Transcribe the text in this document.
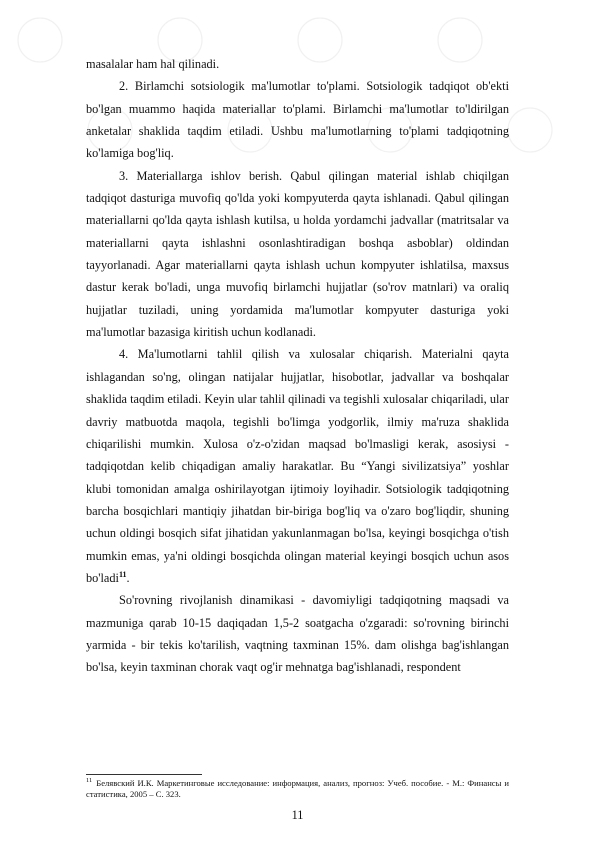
masalalar ham hal qilinadi.

2. Birlamchi sotsiologik ma'lumotlar to'plami. Sotsiologik tadqiqot ob'ekti bo'lgan muammo haqida materiallar to'plami. Birlamchi ma'lumotlar to'ldirilgan anketalar shaklida taqdim etiladi. Ushbu ma'lumotlarning to'plami tadqiqotning ko'lamiga bog'liq.

3. Materiallarga ishlov berish. Qabul qilingan material ishlab chiqilgan tadqiqot dasturiga muvofiq qo'lda yoki kompyuterda qayta ishlanadi. Qabul qilingan materiallarni qo'lda qayta ishlash kutilsa, u holda yordamchi jadvallar (matritsalar va materiallarni qayta ishlashni osonlashtiradigan boshqa asboblar) oldindan tayyorlanadi. Agar materiallarni qayta ishlash uchun kompyuter ishlatilsa, maxsus dastur kerak bo'ladi, unga muvofiq birlamchi hujjatlar (so'rov matnlari) va oraliq hujjatlar tuziladi, uning yordamida ma'lumotlar kompyuter dasturiga yoki ma'lumotlar bazasiga kiritish uchun kodlanadi.

4. Ma'lumotlarni tahlil qilish va xulosalar chiqarish. Materialni qayta ishlagandan so'ng, olingan natijalar hujjatlar, hisobotlar, jadvallar va boshqalar shaklida taqdim etiladi. Keyin ular tahlil qilinadi va tegishli xulosalar chiqariladi, ular davriy matbuotda maqola, tegishli bo'limga yodgorlik, ilmiy ma'ruza shaklida chiqarilishi mumkin. Xulosa o'z-o'zidan maqsad bo'lmasligi kerak, asosiysi - tadqiqotdan kelib chiqadigan amaliy harakatlar. Bu “Yangi sivilizatsiya” yoshlar klubi tomonidan amalga oshirilayotgan ijtimoiy loyihadir. Sotsiologik tadqiqotning barcha bosqichlari mantiqiy jihatdan bir-biriga bog'liq va o'zaro bog'liqdir, shuning uchun oldingi bosqich sifat jihatidan yakunlanmagan bo'lsa, keyingi bosqichga o'tish mumkin emas, ya'ni oldingi bosqichda olingan material keyingi bosqich uchun asos bo'ladi$^{11}$.

So'rovning rivojlanish dinamikasi - davomiyligi tadqiqotning maqsadi va mazmuniga qarab 10-15 daqiqadan 1,5-2 soatgacha o'zgaradi: so'rovning birinchi yarmida - bir tekis ko'tarilish, vaqtning taxminan 15%. dam olishga bag'ishlangan bo'lsa, keyin taxminan chorak vaqt og'ir mehnatga bag'ishlanadi, respondent

$^{11}$ Белявский И.К. Маркетинговые исследование: информация, анализ, прогноз: Учеб. пособие. - М.: Финансы и статистика, 2005 – С. 323.
11
